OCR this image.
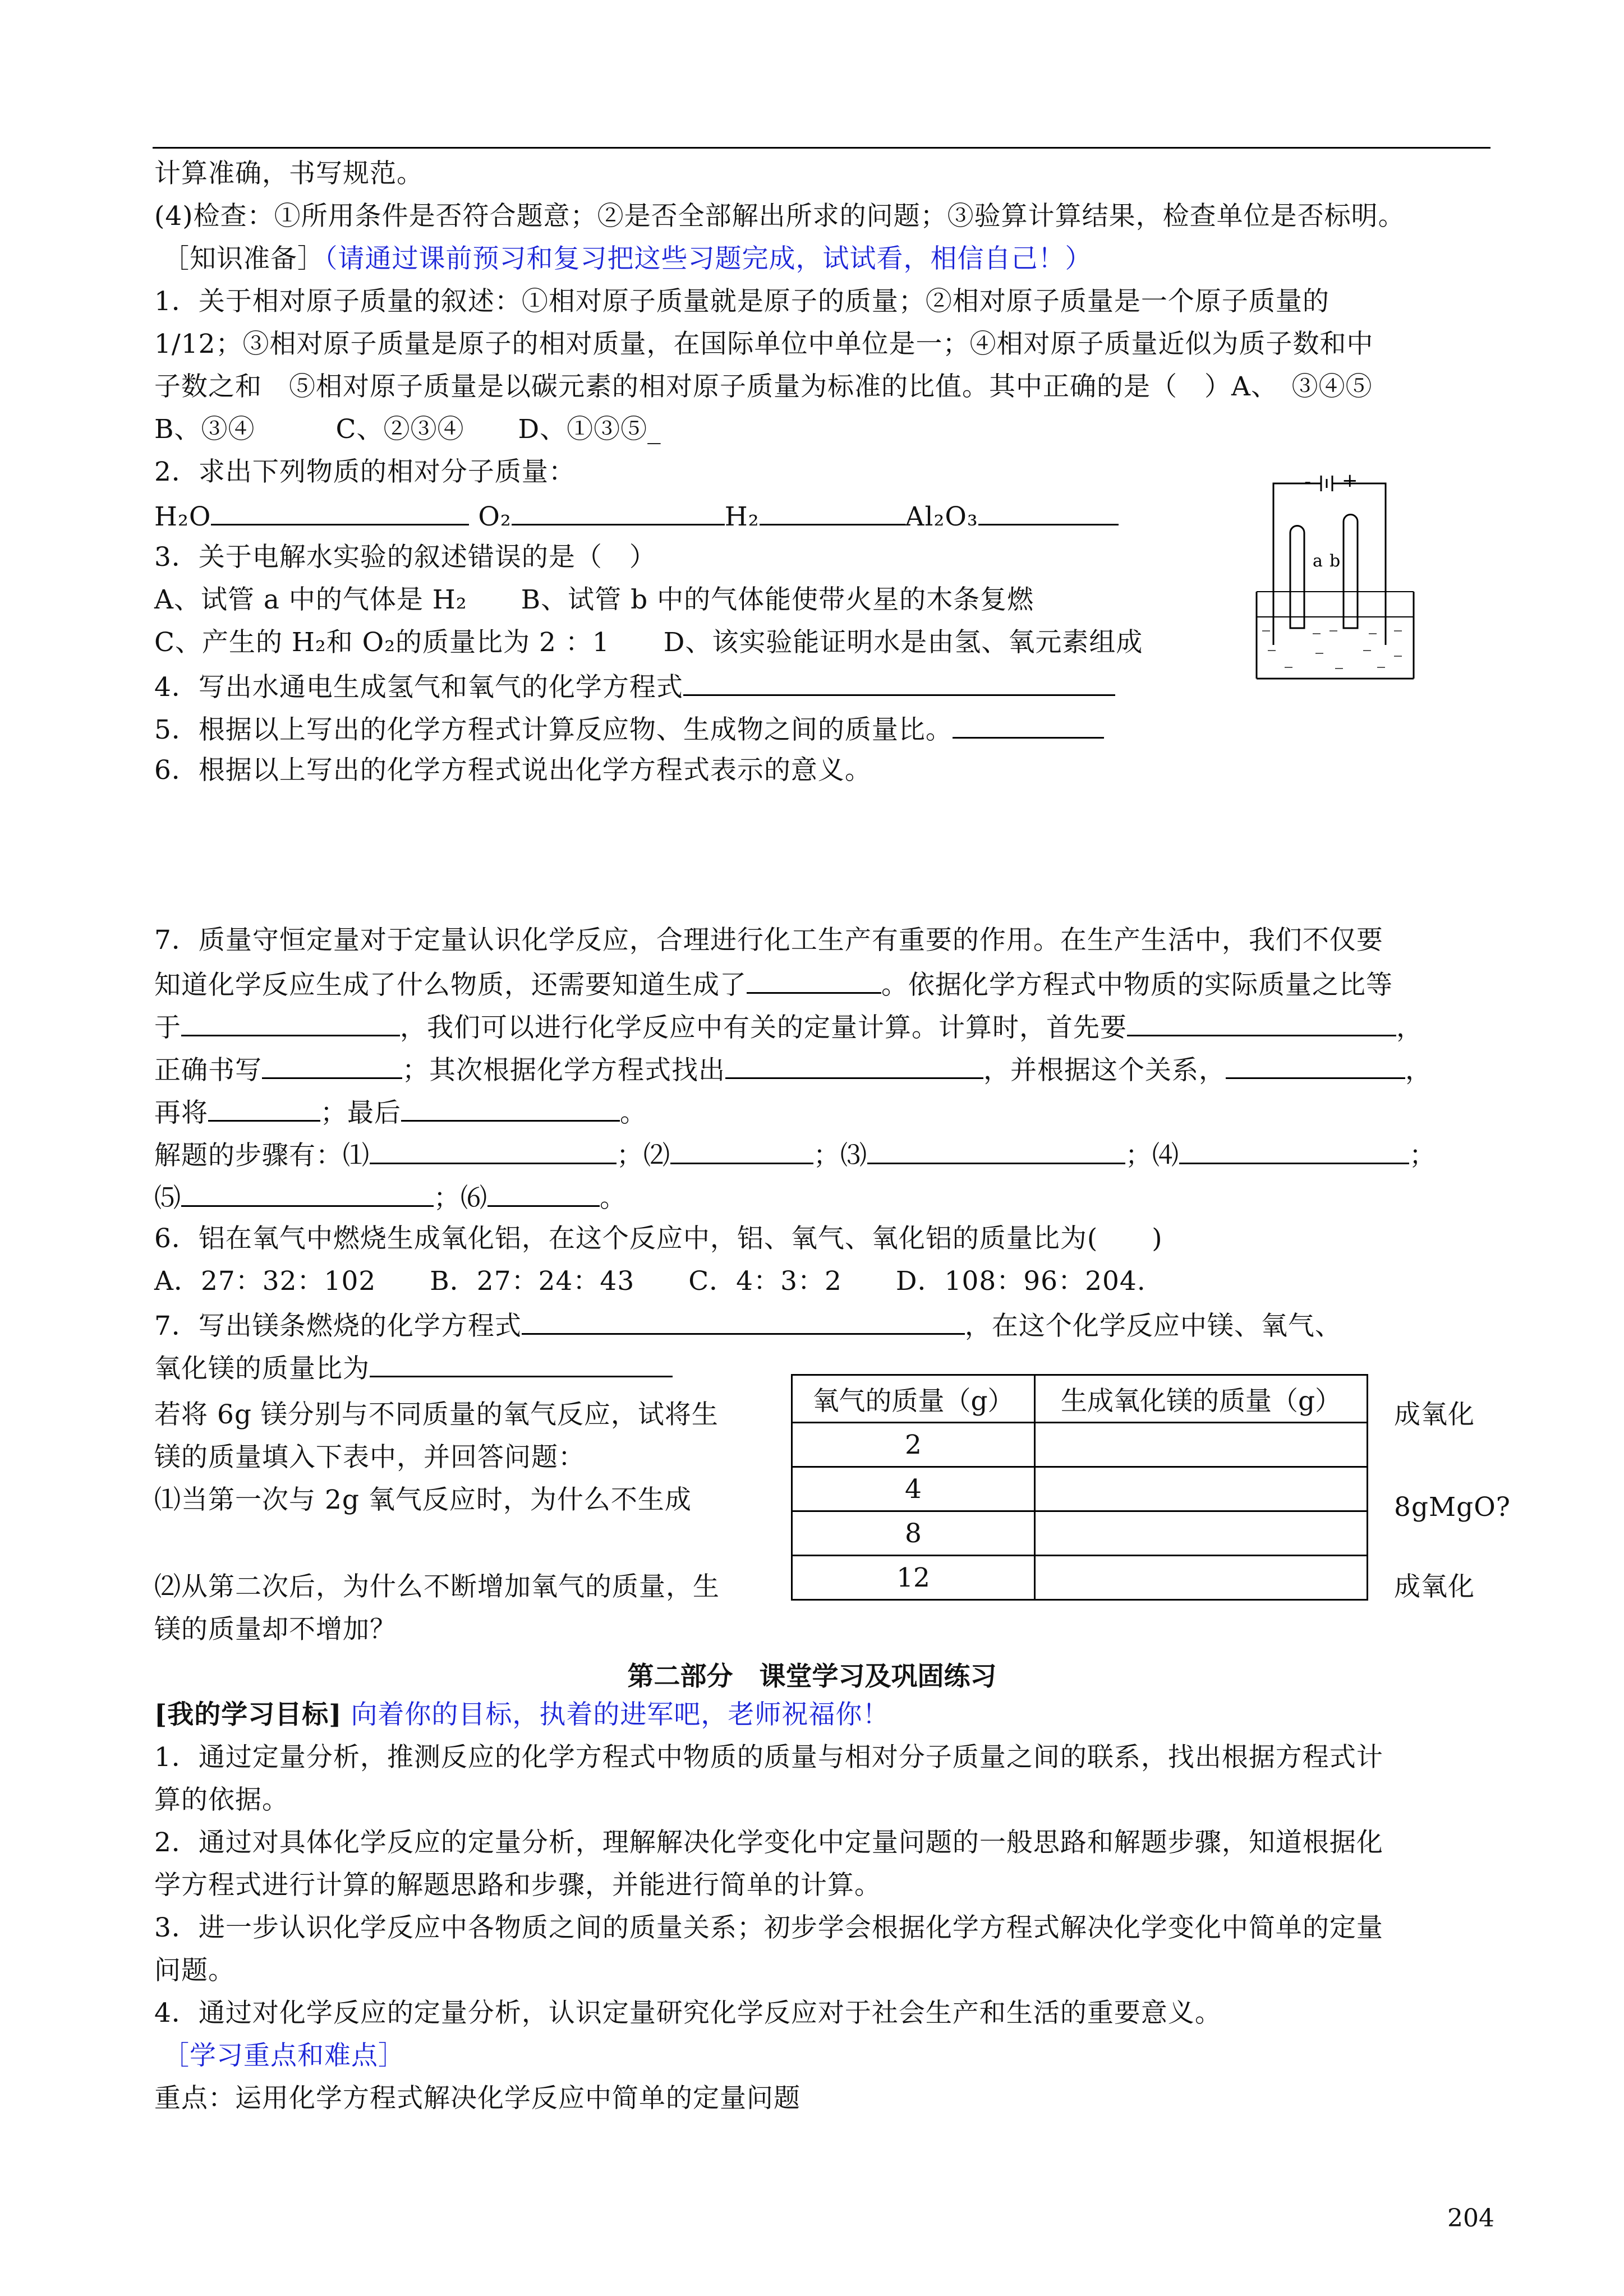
计算准确，书写规范。
(4)检查：①所用条件是否符合题意；②是否全部解出所求的问题；③验算计算结果，检查单位是否标明。
［知识准备］（请通过课前预习和复习把这些习题完成，试试看，相信自己！）
1．关于相对原子质量的叙述：①相对原子质量就是原子的质量；②相对原子质量是一个原子质量的
1/12；③相对原子质量是原子的相对质量，在国际单位中单位是一；④相对原子质量近似为质子数和中
子数之和　⑤相对原子质量是以碳元素的相对原子质量为标准的比值。其中正确的是（　）A、　③④⑤
B、③④　　　C、②③④　　D、①③⑤_
2．求出下列物质的相对分子质量：
H₂O	O₂	H₂	Al₂O₃
3．关于电解水实验的叙述错误的是（　）
A、试管 a 中的气体是 H₂　　B、试管 b 中的气体能使带火星的木条复燃
C、产生的 H₂和 O₂的质量比为 2 ：1　　D、该实验能证明水是由氢、氧元素组成
4．写出水通电生成氢气和氧气的化学方程式
5．根据以上写出的化学方程式计算反应物、生成物之间的质量比。
6．根据以上写出的化学方程式说出化学方程式表示的意义。
- +
a b
7．质量守恒定量对于定量认识化学反应，合理进行化工生产有重要的作用。在生产生活中，我们不仅要
知道化学反应生成了什么物质，还需要知道生成了	。依据化学方程式中物质的实际质量之比等
于	，我们可以进行化学反应中有关的定量计算。计算时，首先要	，
正确书写	；其次根据化学方程式找出	，并根据这个关系，	，
再将	；最后	。
解题的步骤有：⑴	；⑵	；⑶	；⑷	；
⑸	；⑹	。
6．铝在氧气中燃烧生成氧化铝，在这个反应中，铝、氧气、氧化铝的质量比为(　　)
A．27：32：102　　B．27：24：43　　C．4：3：2　　D．108：96：204.
7．写出镁条燃烧的化学方程式	，在这个化学反应中镁、氧气、
氧化镁的质量比为
若将 6g 镁分别与不同质量的氧气反应，试将生
镁的质量填入下表中，并回答问题：
⑴当第一次与 2g 氧气反应时，为什么不生成
⑵从第二次后，为什么不断增加氧气的质量，生
镁的质量却不增加？
成氧化
8gMgO?
成氧化
氧气的质量（g）	生成氧化镁的质量（g）
2	
4	
8	
12	
第二部分　课堂学习及巩固练习
[我的学习目标] 向着你的目标，执着的进军吧，老师祝福你！
1．通过定量分析，推测反应的化学方程式中物质的质量与相对分子质量之间的联系，找出根据方程式计
算的依据。
2．通过对具体化学反应的定量分析，理解解决化学变化中定量问题的一般思路和解题步骤，知道根据化
学方程式进行计算的解题思路和步骤，并能进行简单的计算。
3．进一步认识化学反应中各物质之间的质量关系；初步学会根据化学方程式解决化学变化中简单的定量
问题。
4．通过对化学反应的定量分析，认识定量研究化学反应对于社会生产和生活的重要意义。
［学习重点和难点］
重点：运用化学方程式解决化学反应中简单的定量问题
204
